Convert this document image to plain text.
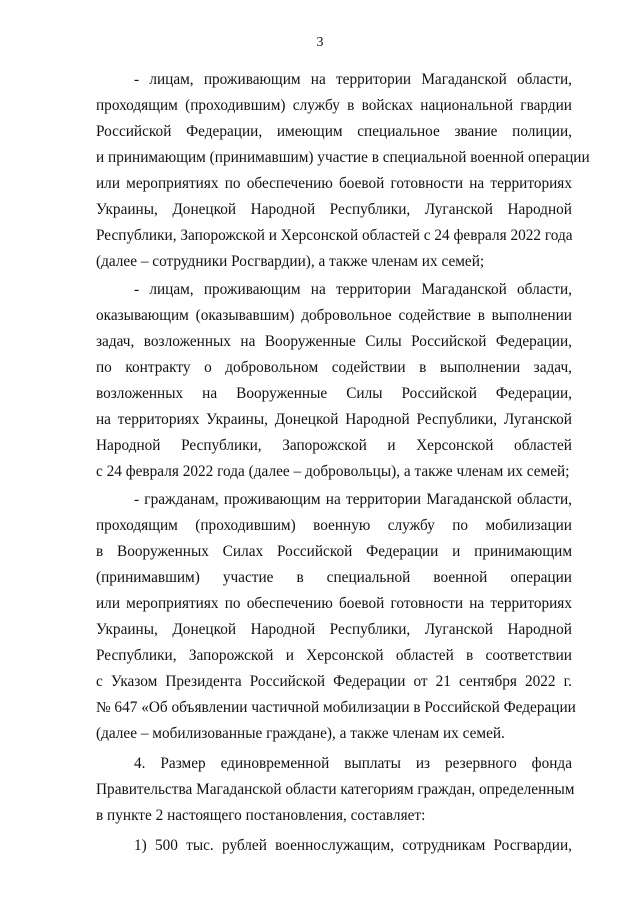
3
- лицам, проживающим на территории Магаданской области,
проходящим (проходившим) службу в войсках национальной гвардии
Российской Федерации, имеющим специальное звание полиции,
и принимающим (принимавшим) участие в специальной военной операции
или мероприятиях по обеспечению боевой готовности на территориях
Украины, Донецкой Народной Республики, Луганской Народной
Республики, Запорожской и Херсонской областей с 24 февраля 2022 года
(далее – сотрудники Росгвардии), а также членам их семей;
- лицам, проживающим на территории Магаданской области,
оказывающим (оказывавшим) добровольное содействие в выполнении
задач, возложенных на Вооруженные Силы Российской Федерации,
по контракту о добровольном содействии в выполнении задач,
возложенных на Вооруженные Силы Российской Федерации,
на территориях Украины, Донецкой Народной Республики, Луганской
Народной Республики, Запорожской и Херсонской областей
с 24 февраля 2022 года (далее – добровольцы), а также членам их семей;
- гражданам, проживающим на территории Магаданской области,
проходящим (проходившим) военную службу по мобилизации
в Вооруженных Силах Российской Федерации и принимающим
(принимавшим) участие в специальной военной операции
или мероприятиях по обеспечению боевой готовности на территориях
Украины, Донецкой Народной Республики, Луганской Народной
Республики, Запорожской и Херсонской областей в соответствии
с Указом Президента Российской Федерации от 21 сентября 2022 г.
№ 647 «Об объявлении частичной мобилизации в Российской Федерации
(далее – мобилизованные граждане), а также членам их семей.
4. Размер единовременной выплаты из резервного фонда
Правительства Магаданской области категориям граждан, определенным
в пункте 2 настоящего постановления, составляет:
1) 500 тыс. рублей военнослужащим, сотрудникам Росгвардии,
